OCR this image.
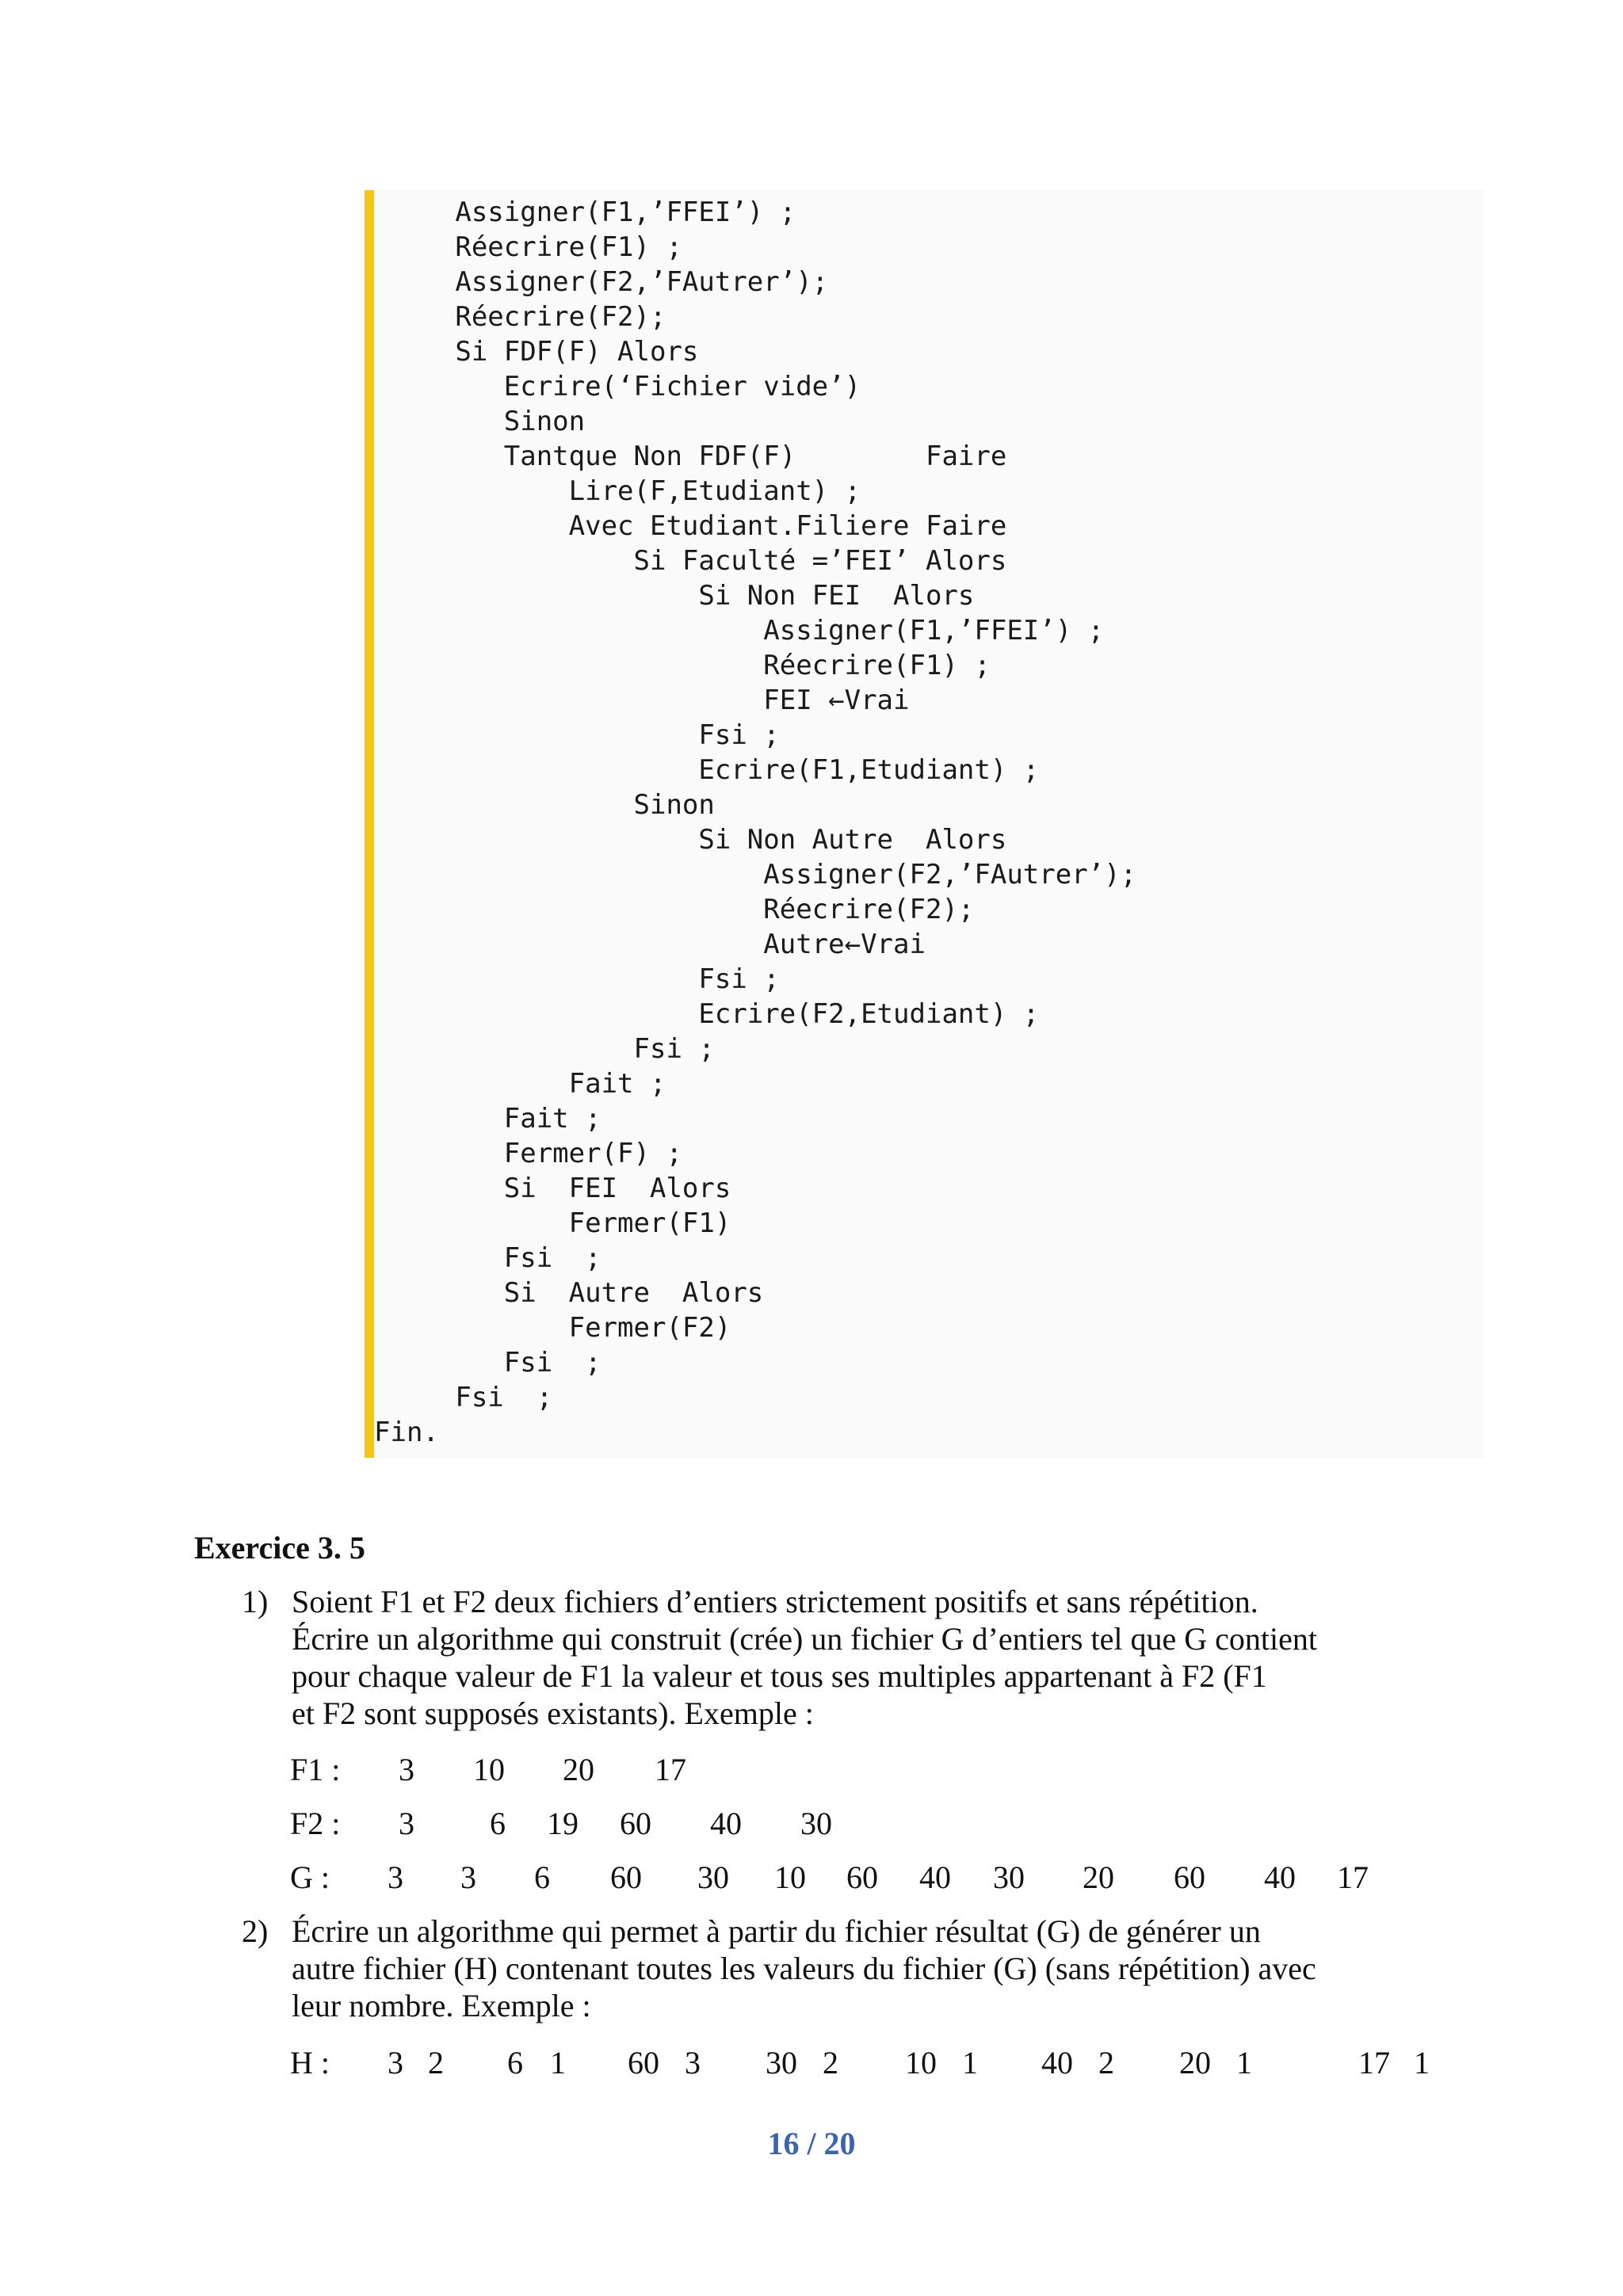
Assigner(F1,’FFEI’) ;
Réecrire(F1) ;
Assigner(F2,’FAutrer’);
Réecrire(F2);
Si FDF(F) Alors
Ecrire(‘Fichier vide’)
Sinon
Tantque Non FDF(F)        Faire
Lire(F,Etudiant) ;
Avec Etudiant.Filiere Faire
Si Faculté =’FEI’ Alors
Si Non FEI  Alors
Assigner(F1,’FFEI’) ;
Réecrire(F1) ;
FEI ←Vrai
Fsi ;
Ecrire(F1,Etudiant) ;
Sinon
Si Non Autre  Alors
Assigner(F2,’FAutrer’);
Réecrire(F2);
Autre←Vrai
Fsi ;
Ecrire(F2,Etudiant) ;
Fsi ;
Fait ;
Fait ;
Fermer(F) ;
Si  FEI  Alors
Fermer(F1)
Fsi  ;
Si  Autre  Alors
Fermer(F2)
Fsi  ;
Fsi  ;
Fin.
Exercice 3. 5
1) Soient F1 et F2 deux fichiers d’entiers strictement positifs et sans répétition.
Écrire un algorithme qui construit (crée) un fichier G d’entiers tel que G contient
pour chaque valeur de F1 la valeur et tous ses multiples appartenant à F2 (F1
et F2 sont supposés existants). Exemple :
F1 : 3 10 20 17
F2 : 3 6 19 60 40 30
G : 3 3 6 60 30 10 60 40 30 20 60 40 17
2) Écrire un algorithme qui permet à partir du fichier résultat (G) de générer un
autre fichier (H) contenant toutes les valeurs du fichier (G) (sans répétition) avec
leur nombre. Exemple :
H : 3 2 6 1 60 3 30 2 10 1 40 2 20 1	17 1
16 / 20
